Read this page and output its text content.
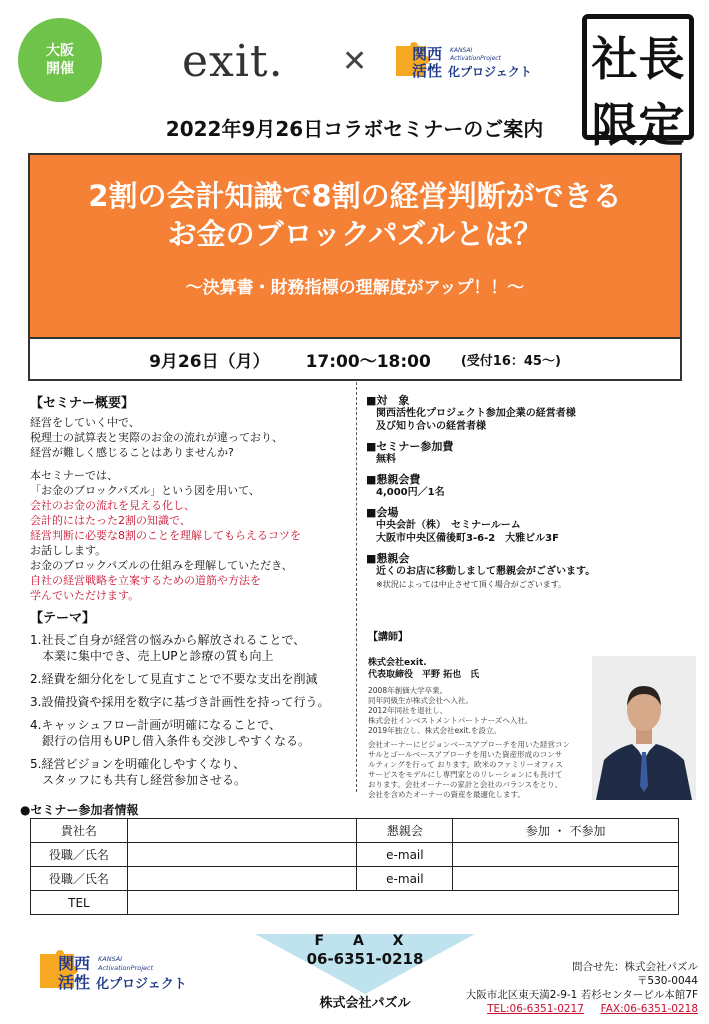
大阪
開催 exit. ✕	関西
活性
KANSAI
ActivationProject
化プロジェクト 社 長
限 定
2022年9月26日コラボセミナーのご案内
2割の会計知識で8割の経営判断ができる
お金のブロックパズルとは？
～決算書・財務指標の理解度がアップ！！～
9月26日（月） 17:00～18:00 (受付16：45～)
【セミナー概要】
経営をしていく中で、
税理士の試算表と実際のお金の流れが違っており、
経営が難しく感じることはありませんか?
本セミナーでは、
「お金のブロックパズル」という図を用いて、
会社のお金の流れを見える化し、
会計的にはたった2割の知識で、
経営判断に必要な8割のことを理解してもらえるコツを
お話しします。
お金のブロックパズルの仕組みを理解していただき、
自社の経営戦略を立案するための道筋や方法を
学んでいただけます。
【テーマ】
1.社長ご自身が経営の悩みから解放されることで、
　本業に集中でき、売上UPと診療の質も向上
2.経費を細分化をして見直すことで不要な支出を削減
3.設備投資や採用を数字に基づき計画性を持って行う。
4.キャッシュフロー計画が明確になることで、
　銀行の信用もUPし借入条件も交渉しやすくなる。
5.経営ビジョンを明確化しやすくなり、
　スタッフにも共有し経営参加させる。
■対　象
関西活性化プロジェクト参加企業の経営者様
及び知り合いの経営者様
■セミナー参加費
無料
■懇親会費
4,000円／1名
■会場
中央会計（株）　セミナールーム
大阪市中央区備後町3-6-2　大雅ビル3F
■懇親会
近くのお店に移動しまして懇親会がございます。
※状況によっては中止させて頂く場合がございます。
【講師】
株式会社exit.
代表取締役　平野 拓也　氏
2008年創価大学卒業。
同年同級生が株式会社へ入社。
2012年同社を退社し、
株式会社インベストメントパートナーズへ入社。
2019年独立し、株式会社exit.を設立。
会社オーナーにビジョンベースアプローチを用いた経営コン
サルとゴールベースアプローチを用いた資産形成のコンサ
ルティングを行って おります。欧米のファミリーオフィス
サービスをモデルにし専門家とのリレーションにも長けて
おります。会社オーナーの家計と会社のバランスをとり、
会社を含めたオーナーの資産を最適化します。
●セミナー参加者情報
貴社名		懇親会	参加 ・ 不参加
役職／氏名		e-mail	
役職／氏名		e-mail	
TEL			
関西
活性
KANSAI
ActivationProject
化プロジェクト
F A X
06-6351-0218
株式会社パズル
問合せ先：株式会社パズル
〒530-0044
大阪市北区東天満2-9-1 若杉センタービル本館7F
TEL:06-6351-0217 FAX:06-6351-0218
